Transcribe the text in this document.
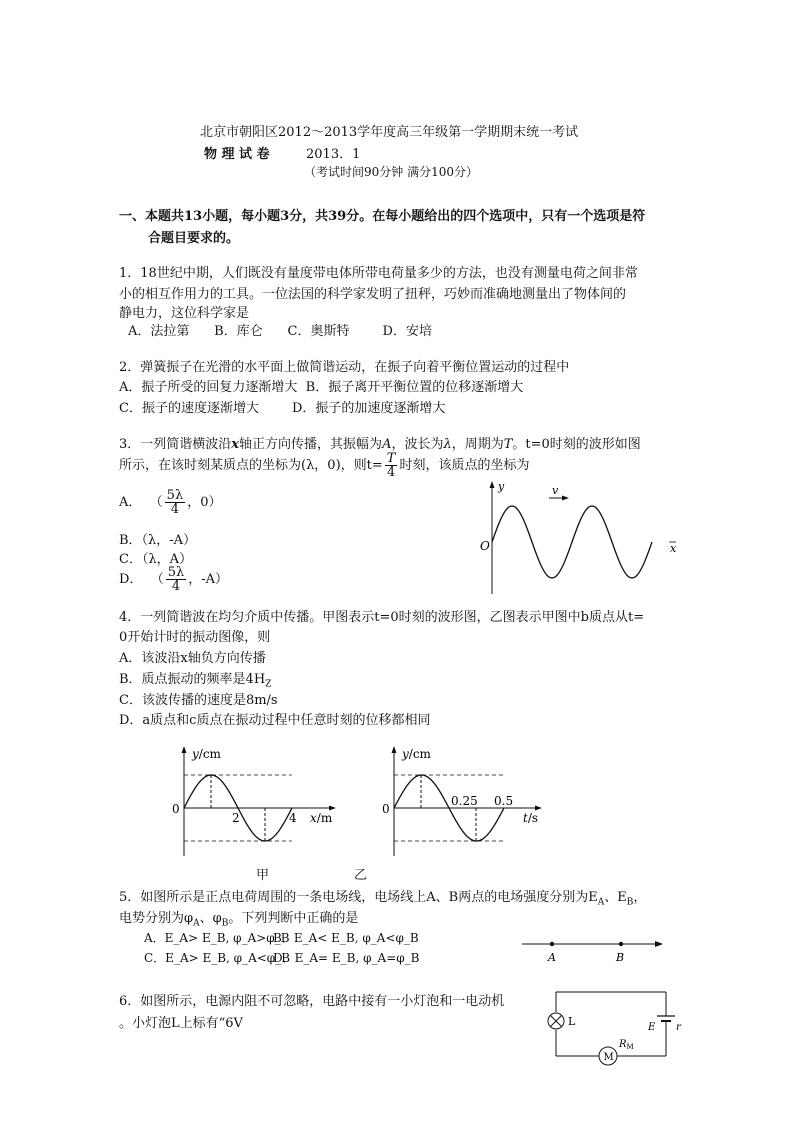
北京市朝阳区2012～2013学年度高三年级第一学期期末统一考试
物 理 试 卷	2013．1
（考试时间90分钟 满分100分）
一、本题共13小题，每小题3分，共39分。在每小题给出的四个选项中，只有一个选项是符
合题目要求的。
1．18世纪中期，人们既没有量度带电体所带电荷量多少的方法，也没有测量电荷之间非常
小的相互作用力的工具。一位法国的科学家发明了扭秤，巧妙而准确地测量出了物体间的
静电力，这位科学家是
A．法拉第      B．库仑      C．奥斯特        D．安培
2．弹簧振子在光滑的水平面上做简谐运动，在振子向着平衡位置运动的过程中
A．振子所受的回复力逐渐增大  B．振子离开平衡位置的位移逐渐增大
C．振子的速度逐渐增大        D．振子的加速度逐渐增大
3．一列简谐横波沿x轴正方向传播，其振幅为A，波长为λ，周期为T。t=0时刻的波形如图
所示，在该时刻某质点的坐标为(λ，0)，则$t= \frac{T}{4}$ 时刻，该质点的坐标为
A． （ $\frac{5\lambda}{4}$ ，0）
B．（λ，-A）
C．（λ，A）
D． （ $\frac{5\lambda}{4}$ ，-A）
y	v
O	x
4．一列简谐波在均匀介质中传播。甲图表示t=0时刻的波形图，乙图表示甲图中b质点从t=
0开始计时的振动图像，则
A．该波沿x轴负方向传播
B．质点振动的频率是$4H_Z$
C．该波传播的速度是8m/s
D．a质点和c质点在振动过程中任意时刻的位移都相同
y/cm
0
2	4 x/m
甲
y/cm
0
0.25 0.5
t/s
乙
5．如图所示是正点电荷周围的一条电场线，电场线上A、B两点的电场强度分别为$E_A$、$E_B$，
电势分别为$\varphi_A$、$\varphi_B$。下列判断中正确的是
A．E_A> E_B, φ_A>φ_B
B．E_A< E_B, φ_A<φ_B
C．E_A> E_B, φ_A<φ_B
D．E_A= E_B, φ_A=φ_B	A	B
6．如图所示，电源内阻不可忽略，电路中接有一小灯泡和一电动机
。小灯泡L上标有“6V	L
M
$R_M$
E r
